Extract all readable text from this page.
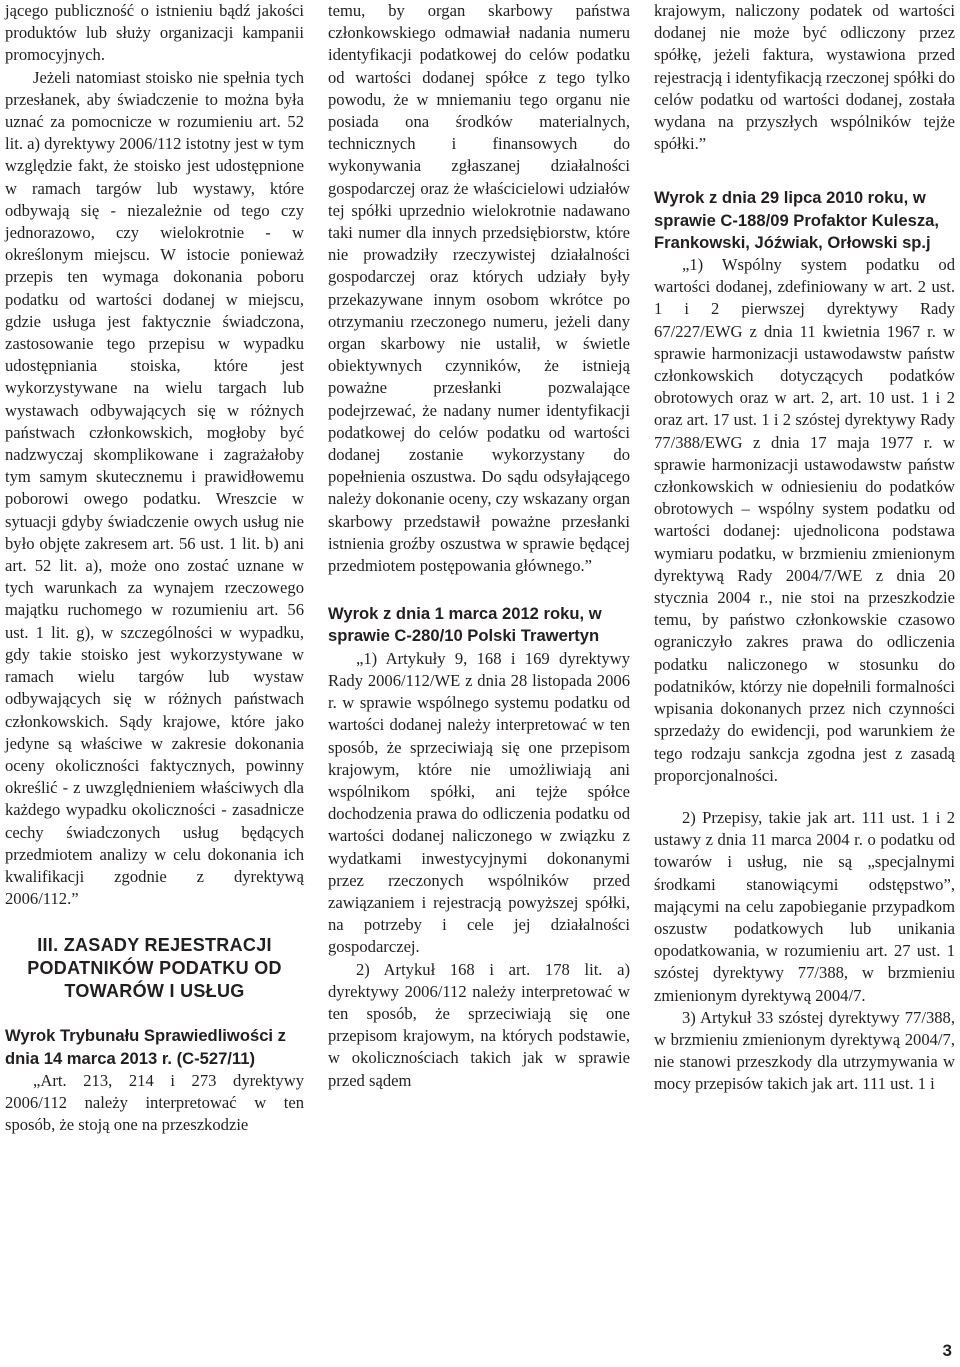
jącego publiczność o istnieniu bądź jakości produktów lub służy organizacji kampanii promocyjnych.

Jeżeli natomiast stoisko nie spełnia tych przesłanek, aby świadczenie to można była uznać za pomocnicze w rozumieniu art. 52 lit. a) dyrektywy 2006/112 istotny jest w tym względzie fakt, że stoisko jest udostępnione w ramach targów lub wystawy, które odbywają się - niezależnie od tego czy jednorazowo, czy wielokrotnie - w określonym miejscu. W istocie ponieważ przepis ten wymaga dokonania poboru podatku od wartości dodanej w miejscu, gdzie usługa jest faktycznie świadczona, zastosowanie tego przepisu w wypadku udostępniania stoiska, które jest wykorzystywane na wielu targach lub wystawach odbywających się w różnych państwach członkowskich, mogłoby być nadzwyczaj skomplikowane i zagrażałoby tym samym skutecznemu i prawidłowemu poborowi owego podatku. Wreszcie w sytuacji gdyby świadczenie owych usług nie było objęte zakresem art. 56 ust. 1 lit. b) ani art. 52 lit. a), może ono zostać uznane w tych warunkach za wynajem rzeczowego majątku ruchomego w rozumieniu art. 56 ust. 1 lit. g), w szczególności w wypadku, gdy takie stoisko jest wykorzystywane w ramach wielu targów lub wystaw odbywających się w różnych państwach członkowskich. Sądy krajowe, które jako jedyne są właściwe w zakresie dokonania oceny okoliczności faktycznych, powinny określić - z uwzględnieniem właściwych dla każdego wypadku okoliczności - zasadnicze cechy świadczonych usług będących przedmiotem analizy w celu dokonania ich kwalifikacji zgodnie z dyrektywą 2006/112.”

III. ZASADY REJESTRACJI PODATNIKÓW PODATKU OD TOWARÓW I USŁUG
Wyrok Trybunału Sprawiedliwości z dnia 14 marca 2013 r. (C-527/11)

„Art. 213, 214 i 273 dyrektywy 2006/112 należy interpretować w ten sposób, że stoją one na przeszkodzie

temu, by organ skarbowy państwa członkowskiego odmawiał nadania numeru identyfikacji podatkowej do celów podatku od wartości dodanej spółce z tego tylko powodu, że w mniemaniu tego organu nie posiada ona środków materialnych, technicznych i finansowych do wykonywania zgłaszanej działalności gospodarczej oraz że właścicielowi udziałów tej spółki uprzednio wielokrotnie nadawano taki numer dla innych przedsiębiorstw, które nie prowadziły rzeczywistej działalności gospodarczej oraz których udziały były przekazywane innym osobom wkrótce po otrzymaniu rzeczonego numeru, jeżeli dany organ skarbowy nie ustalił, w świetle obiektywnych czynników, że istnieją poważne przesłanki pozwalające podejrzewać, że nadany numer identyfikacji podatkowej do celów podatku od wartości dodanej zostanie wykorzystany do popełnienia oszustwa. Do sądu odsyłającego należy dokonanie oceny, czy wskazany organ skarbowy przedstawił poważne przesłanki istnienia groźby oszustwa w sprawie będącej przedmiotem postępowania głównego.”

Wyrok z dnia 1 marca 2012 roku, w sprawie C-280/10 Polski Trawertyn

„1) Artykuły 9, 168 i 169 dyrektywy Rady 2006/112/WE z dnia 28 listopada 2006 r. w sprawie wspólnego systemu podatku od wartości dodanej należy interpretować w ten sposób, że sprzeciwiają się one przepisom krajowym, które nie umożliwiają ani wspólnikom spółki, ani tejże spółce dochodzenia prawa do odliczenia podatku od wartości dodanej naliczonego w związku z wydatkami inwestycyjnymi dokonanymi przez rzeczonych wspólników przed zawiązaniem i rejestracją powyższej spółki, na potrzeby i cele jej działalności gospodarczej.

2) Artykuł 168 i art. 178 lit. a) dyrektywy 2006/112 należy interpretować w ten sposób, że sprzeciwiają się one przepisom krajowym, na których podstawie, w okolicznościach takich jak w sprawie przed sądem

krajowym, naliczony podatek od wartości dodanej nie może być odliczony przez spółkę, jeżeli faktura, wystawiona przed rejestracją i identyfikacją rzeczonej spółki do celów podatku od wartości dodanej, została wydana na przyszłych wspólników tejże spółki.”

Wyrok z dnia 29 lipca 2010 roku, w sprawie C-188/09 Profaktor Kulesza, Frankowski, Jóźwiak, Orłowski sp.j

„1) Wspólny system podatku od wartości dodanej, zdefiniowany w art. 2 ust. 1 i 2 pierwszej dyrektywy Rady 67/227/EWG z dnia 11 kwietnia 1967 r. w sprawie harmonizacji ustawodawstw państw członkowskich dotyczących podatków obrotowych oraz w art. 2, art. 10 ust. 1 i 2 oraz art. 17 ust. 1 i 2 szóstej dyrektywy Rady 77/388/EWG z dnia 17 maja 1977 r. w sprawie harmonizacji ustawodawstw państw członkowskich w odniesieniu do podatków obrotowych – wspólny system podatku od wartości dodanej: ujednolicona podstawa wymiaru podatku, w brzmieniu zmienionym dyrektywą Rady 2004/7/WE z dnia 20 stycznia 2004 r., nie stoi na przeszkodzie temu, by państwo członkowskie czasowo ograniczyło zakres prawa do odliczenia podatku naliczonego w stosunku do podatników, którzy nie dopełnili formalności wpisania dokonanych przez nich czynności sprzedaży do ewidencji, pod warunkiem że tego rodzaju sankcja zgodna jest z zasadą proporcjonalności.

2) Przepisy, takie jak art. 111 ust. 1 i 2 ustawy z dnia 11 marca 2004 r. o podatku od towarów i usług, nie są „specjalnymi środkami stanowiącymi odstępstwo”, mającymi na celu zapobieganie przypadkom oszustw podatkowych lub unikania opodatkowania, w rozumieniu art. 27 ust. 1 szóstej dyrektywy 77/388, w brzmieniu zmienionym dyrektywą 2004/7.

3) Artykuł 33 szóstej dyrektywy 77/388, w brzmieniu zmienionym dyrektywą 2004/7, nie stanowi przeszkody dla utrzymywania w mocy przepisów takich jak art. 111 ust. 1 i

3
